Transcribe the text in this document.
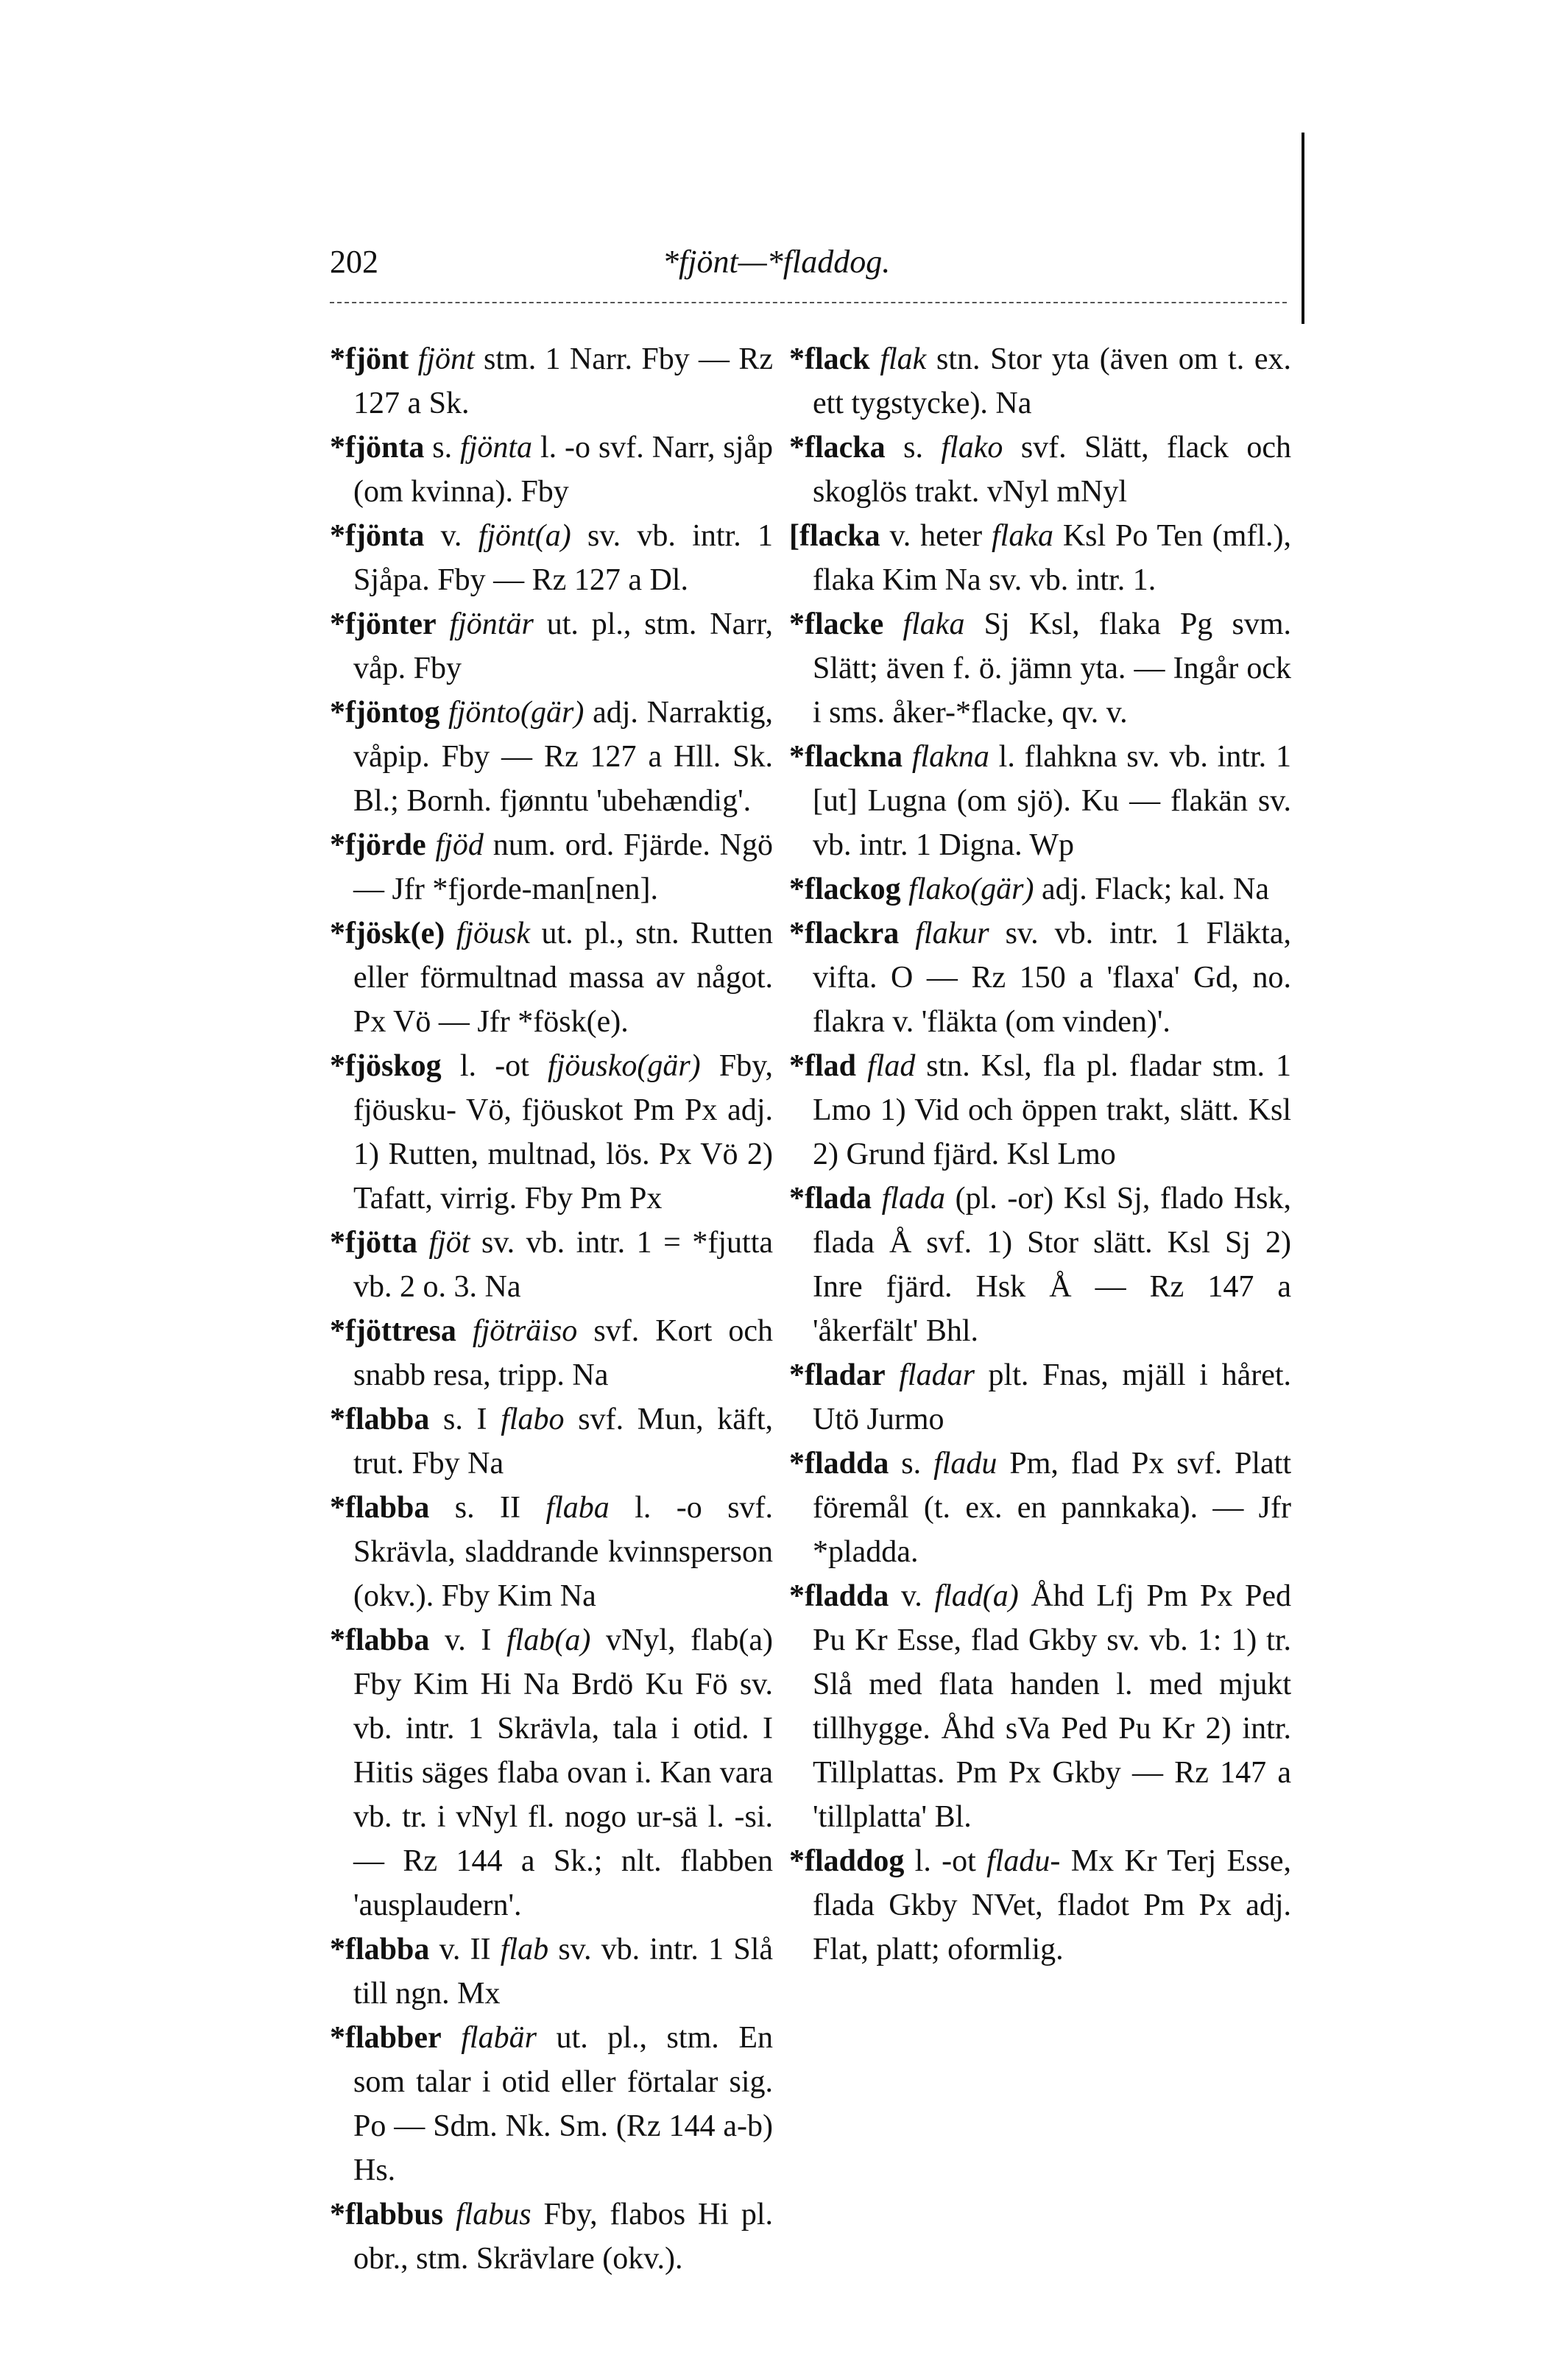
202	*fjönt—*fladdog.

*fjönt fjönt stm. 1 Narr. Fby — Rz 127 a Sk.

*fjönta s. fjönta l. -o svf. Narr, sjåp (om kvinna). Fby

*fjönta v. fjönt(a) sv. vb. intr. 1 Sjåpa. Fby — Rz 127 a Dl.

*fjönter fjöntär ut. pl., stm. Narr, våp. Fby

*fjöntog fjönto(gär) adj. Narraktig, våpip. Fby — Rz 127 a Hll. Sk. Bl.; Bornh. fjønntu 'ubehændig'.

*fjörde fjöd num. ord. Fjärde. Ngö — Jfr *fjorde-man[nen].

*fjösk(e) fjöusk ut. pl., stn. Rutten eller förmultnad massa av något. Px Vö — Jfr *fösk(e).

*fjöskog l. -ot fjöusko(gär) Fby, fjöusku- Vö, fjöuskot Pm Px adj. 1) Rutten, multnad, lös. Px Vö 2) Tafatt, virrig. Fby Pm Px

*fjötta fjöt sv. vb. intr. 1 = *fjutta vb. 2 o. 3. Na

*fjöttresa fjöträiso svf. Kort och snabb resa, tripp. Na

*flabba s. I flabo svf. Mun, käft, trut. Fby Na

*flabba s. II flaba l. -o svf. Skrävla, sladdrande kvinnsperson (okv.). Fby Kim Na

*flabba v. I flab(a) vNyl, flab(a) Fby Kim Hi Na Brdö Ku Fö sv. vb. intr. 1 Skrävla, tala i otid. I Hitis säges flaba ovan i. Kan vara vb. tr. i vNyl fl. nogo ur-sä l. -si. — Rz 144 a Sk.; nlt. flabben 'ausplaudern'.

*flabba v. II flab sv. vb. intr. 1 Slå till ngn. Mx

*flabber flabär ut. pl., stm. En som talar i otid eller förtalar sig. Po — Sdm. Nk. Sm. (Rz 144 a-b) Hs.

*flabbus flabus Fby, flabos Hi pl. obr., stm. Skrävlare (okv.).

*flack flak stn. Stor yta (även om t. ex. ett tygstycke). Na

*flacka s. flako svf. Slätt, flack och skoglös trakt. vNyl mNyl

[flacka v. heter flaka Ksl Po Ten (mfl.), flaka Kim Na sv. vb. intr. 1.

*flacke flaka Sj Ksl, flaka Pg svm. Slätt; även f. ö. jämn yta. — Ingår ock i sms. åker-*flacke, qv. v.

*flackna flakna l. flahkna sv. vb. intr. 1 [ut] Lugna (om sjö). Ku — flakän sv. vb. intr. 1 Digna. Wp

*flackog flako(gär) adj. Flack; kal. Na

*flackra flakur sv. vb. intr. 1 Fläkta, vifta. O — Rz 150 a 'flaxa' Gd, no. flakra v. 'fläkta (om vinden)'.

*flad flad stn. Ksl, fla pl. fladar stm. 1 Lmo 1) Vid och öppen trakt, slätt. Ksl 2) Grund fjärd. Ksl Lmo

*flada flada (pl. -or) Ksl Sj, flado Hsk, flada Å svf. 1) Stor slätt. Ksl Sj 2) Inre fjärd. Hsk Å — Rz 147 a 'åkerfält' Bhl.

*fladar fladar plt. Fnas, mjäll i håret. Utö Jurmo

*fladda s. fladu Pm, flad Px svf. Platt föremål (t. ex. en pannkaka). — Jfr *pladda.

*fladda v. flad(a) Åhd Lfj Pm Px Ped Pu Kr Esse, flad Gkby sv. vb. 1: 1) tr. Slå med flata handen l. med mjukt tillhygge. Åhd sVa Ped Pu Kr 2) intr. Tillplattas. Pm Px Gkby — Rz 147 a 'tillplatta' Bl.

*fladdog l. -ot fladu- Mx Kr Terj Esse, flada Gkby NVet, fladot Pm Px adj. Flat, platt; oformlig.
